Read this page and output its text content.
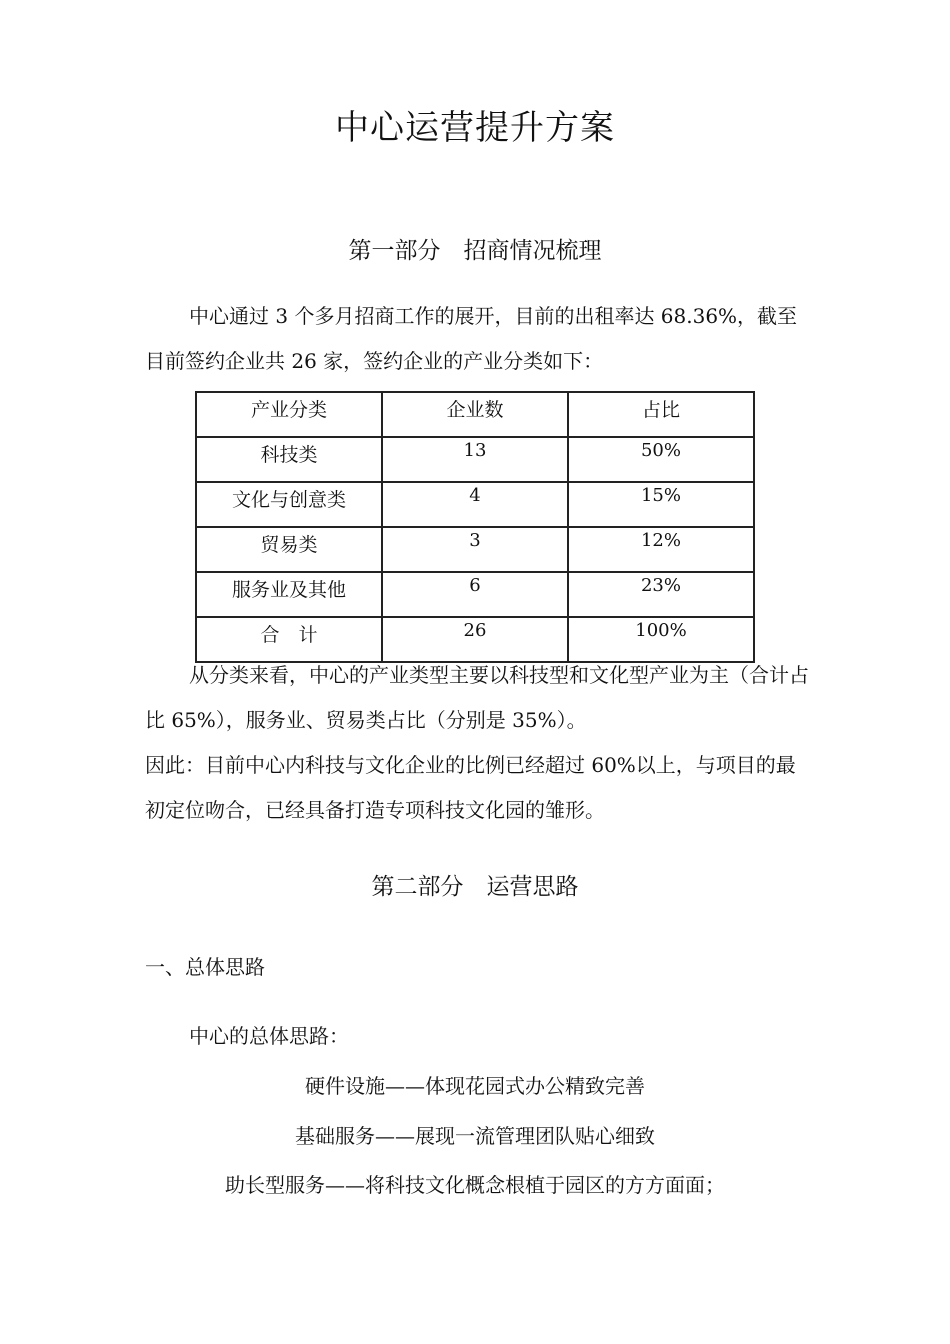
中心运营提升方案
第一部分　招商情况梳理
中心通过 3 个多月招商工作的展开，目前的出租率达 68.36%，截至目前签约企业共 26 家，签约企业的产业分类如下：
产业分类	企业数	占比
科技类	13	50%
文化与创意类	4	15%
贸易类	3	12%
服务业及其他	6	23%
合　计	26	100%
从分类来看，中心的产业类型主要以科技型和文化型产业为主（合计占比 65%），服务业、贸易类占比（分别是 35%）。
因此：目前中心内科技与文化企业的比例已经超过 60%以上，与项目的最初定位吻合，已经具备打造专项科技文化园的雏形。
第二部分　运营思路
一、总体思路
中心的总体思路：
硬件设施——体现花园式办公精致完善
基础服务——展现一流管理团队贴心细致
助长型服务——将科技文化概念根植于园区的方方面面；
